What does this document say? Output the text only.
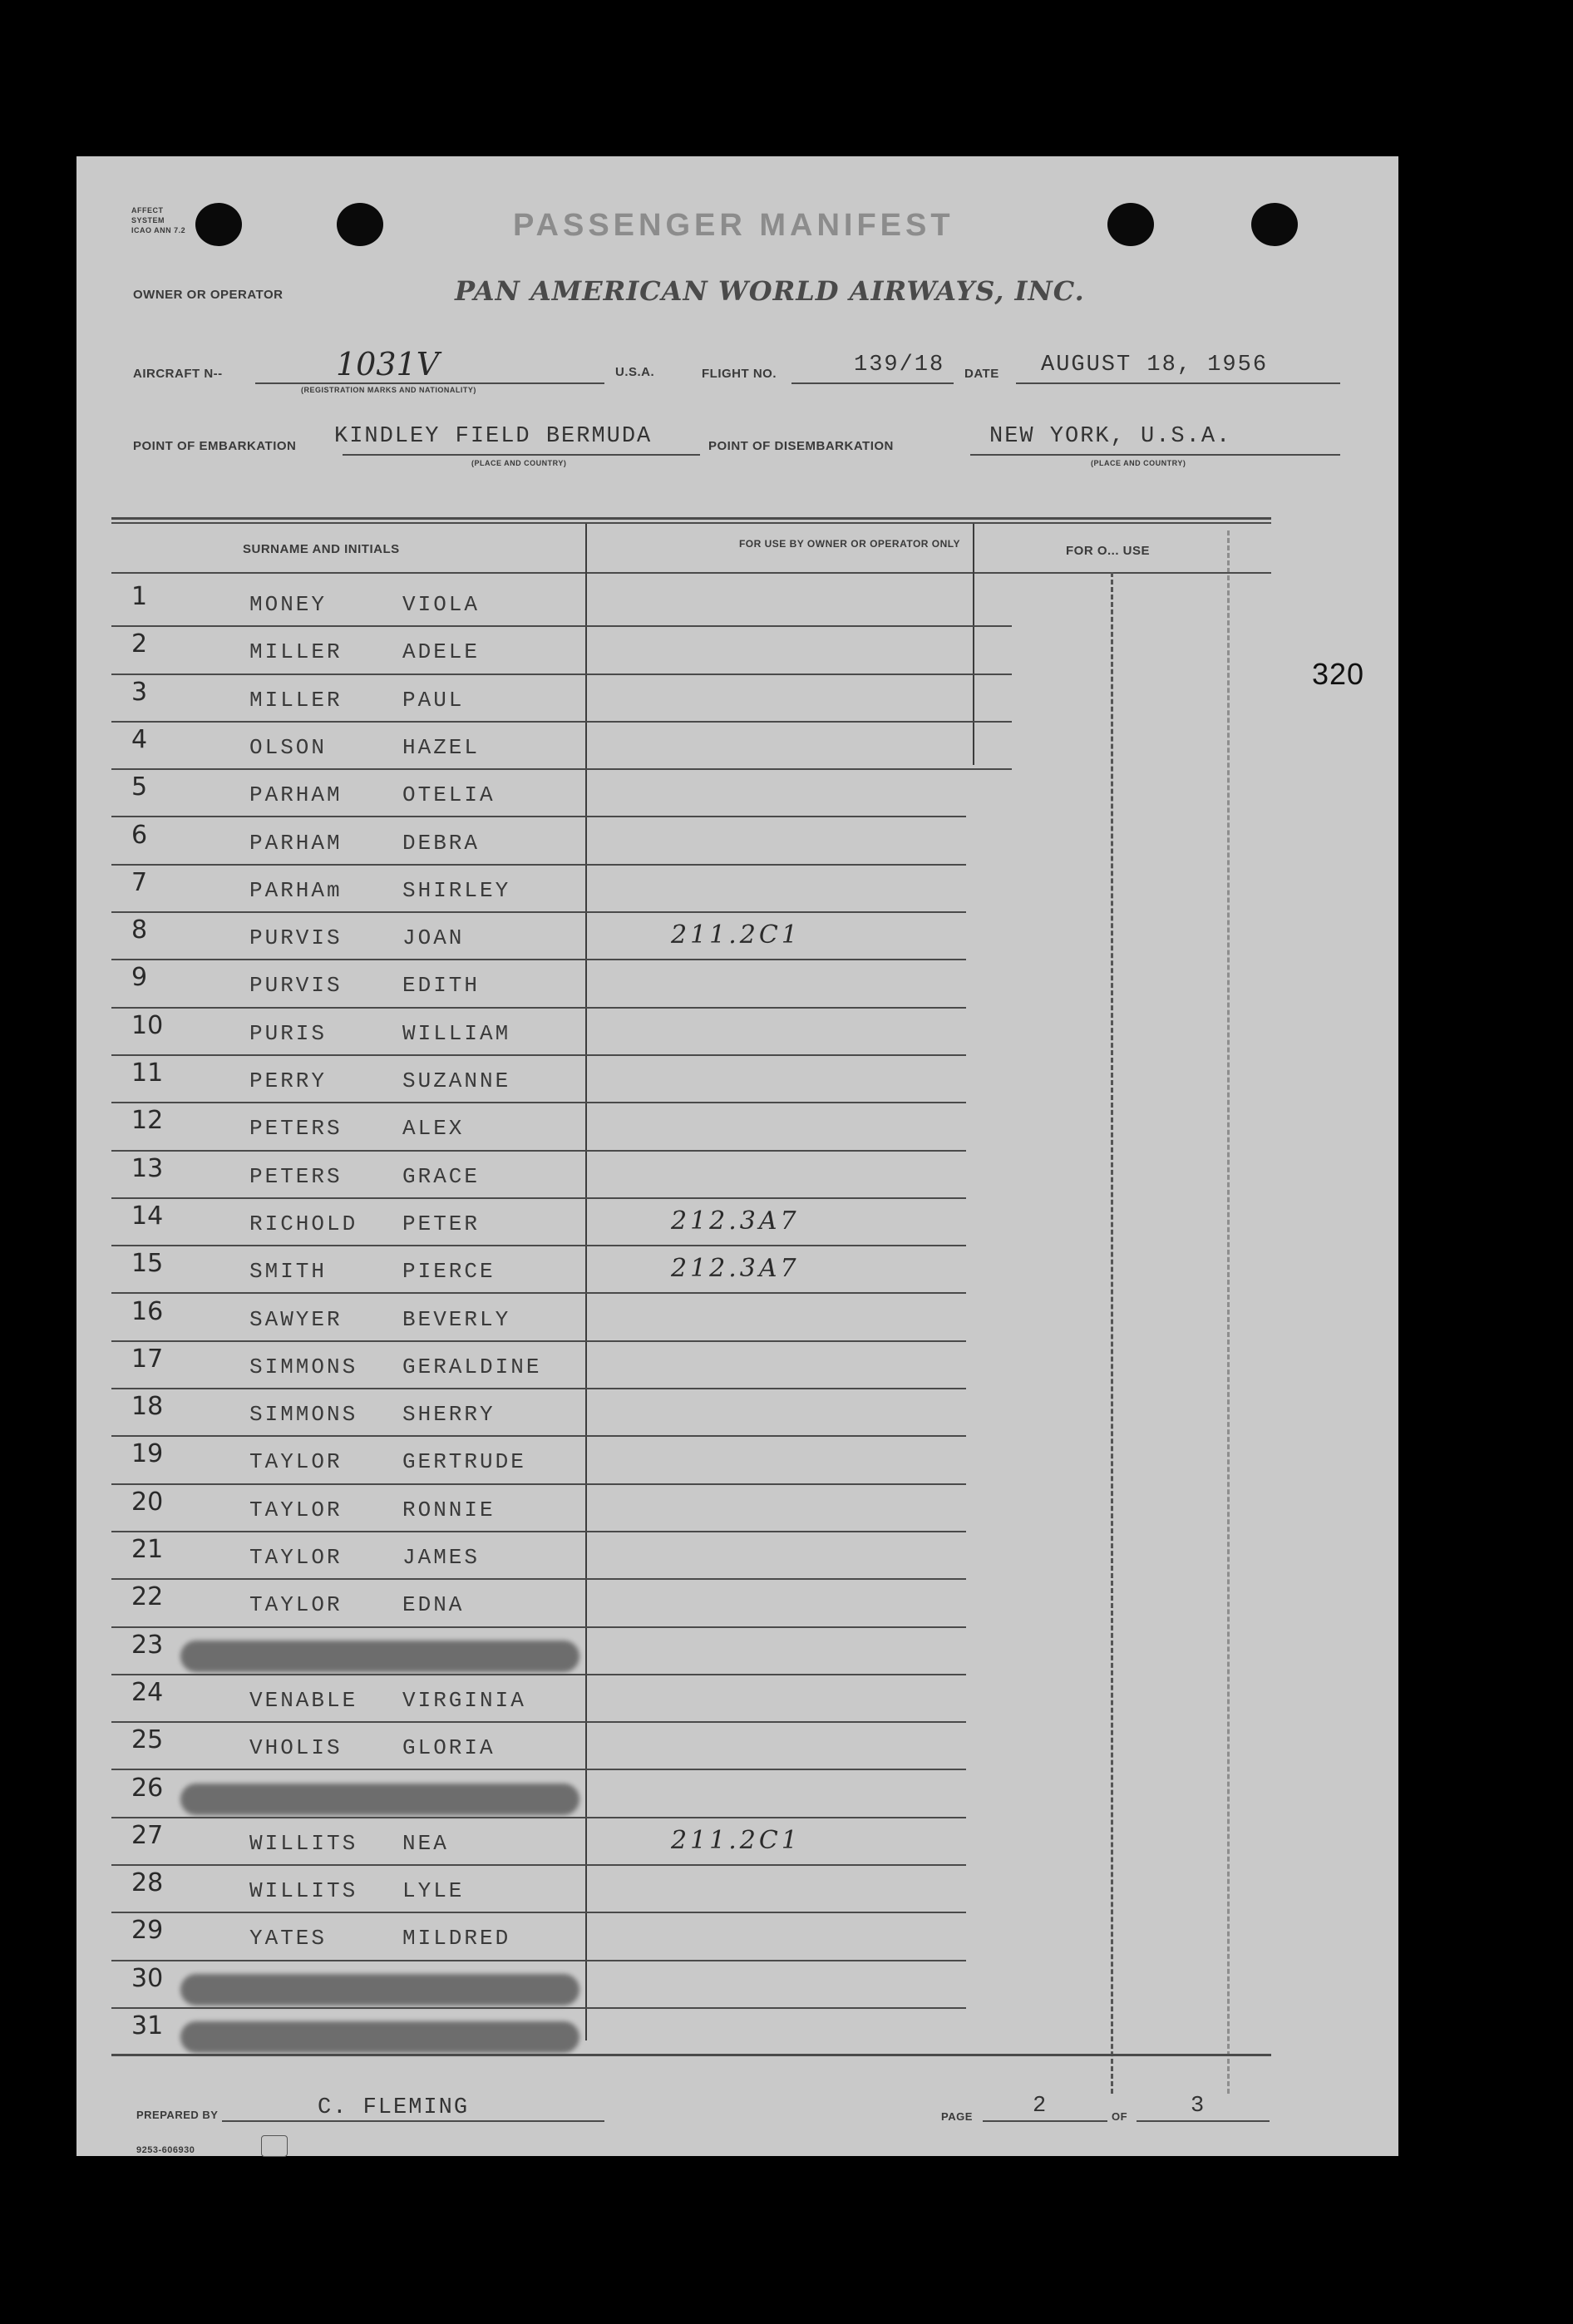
AFFECT
SYSTEM
ICAO ANN 7.2	PASSENGER MANIFEST
OWNER OR OPERATOR	PAN AMERICAN WORLD AIRWAYS, INC.
AIRCRAFT N--	1031V
(REGISTRATION MARKS AND NATIONALITY)
U.S.A.	FLIGHT NO.	139/18 DATE AUGUST 18, 1956
POINT OF EMBARKATION KINDLEY FIELD BERMUDA
(PLACE AND COUNTRY)
POINT OF DISEMBARKATION	NEW YORK, U.S.A.
(PLACE AND COUNTRY)
SURNAME AND INITIALS	FOR USE BY OWNER OR OPERATOR ONLY	FOR O... USE
320
1	MONEY	VIOLA
2	MILLER	ADELE
3	MILLER	PAUL
4	OLSON	HAZEL
5	PARHAM	OTELIA
6	PARHAM	DEBRA
7	PARHAm	SHIRLEY
8	PURVIS	JOAN	211.2C1
9	PURVIS	EDITH
10	PURIS	WILLIAM
11	PERRY	SUZANNE
12	PETERS	ALEX
13	PETERS	GRACE
14	RICHOLD PETER	212.3A7
15	SMITH	PIERCE	212.3A7
16	SAWYER	BEVERLY
17	SIMMONS GERALDINE
18	SIMMONS SHERRY
19	TAYLOR	GERTRUDE
20	TAYLOR	RONNIE
21	TAYLOR	JAMES
22	TAYLOR	EDNA
23
24	VENABLE VIRGINIA
25	VHOLIS	GLORIA
26
27	WILLITS NEA	211.2C1
28	WILLITS LYLE
29	YATES	MILDRED
30
31
PREPARED BY	C. FLEMING	PAGE	2	OF	3
9253-606930
